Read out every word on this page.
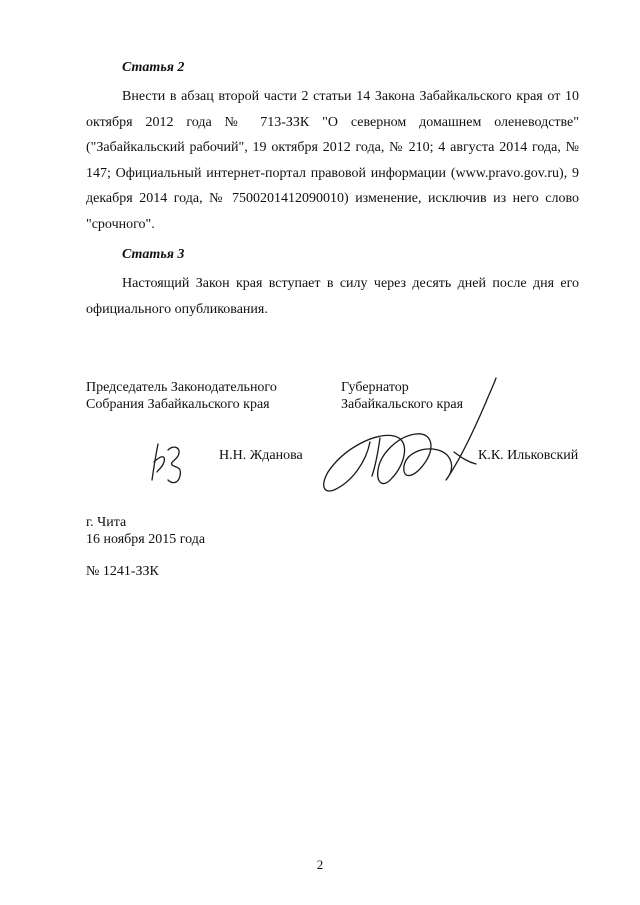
Статья 2
Внести в абзац второй части 2 статьи 14 Закона Забайкальского края от 10 октября 2012 года № 713-ЗЗК "О северном домашнем оленеводстве" ("Забайкальский рабочий", 19 октября 2012 года, № 210; 4 августа 2014 года, № 147; Официальный интернет-портал правовой информации (www.pravo.gov.ru), 9 декабря 2014 года, № 7500201412090010) изменение, исключив из него слово "срочного".
Статья 3
Настоящий Закон края вступает в силу через десять дней после дня его официального опубликования.
Председатель Законодательного
Собрания Забайкальского края
Губернатор
Забайкальского края
Н.Н. Жданова	К.К. Ильковский
г. Чита
16 ноября 2015 года
№ 1241-ЗЗК
2
